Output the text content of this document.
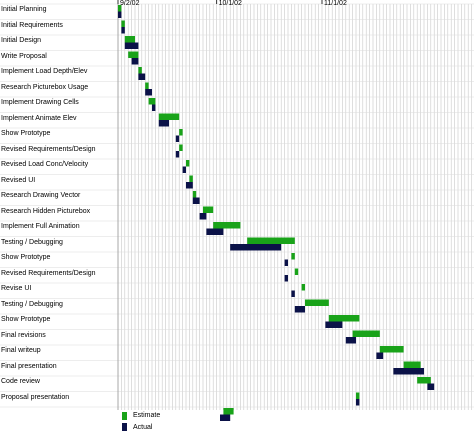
Initial Planning
Initial Requirements
Initial Design
Write Proposal
Implement Load Depth/Elev
Research Picturebox Usage
Implement Drawing Cells
Implement Animate Elev
Show Prototype
Revised Requirements/Design
Revised Load Conc/Velocity
Revised UI
Research Drawing Vector
Research Hidden Picturebox
Implement Full Animation
Testing / Debugging
Show Prototype
Revised Requirements/Design
Revise UI
Testing / Debugging
Show Prototype
Final revisions
Final writeup
Final presentation
Code review
Proposal presentation
9/2/02	10/1/02	11/1/02
Estimate
Actual
